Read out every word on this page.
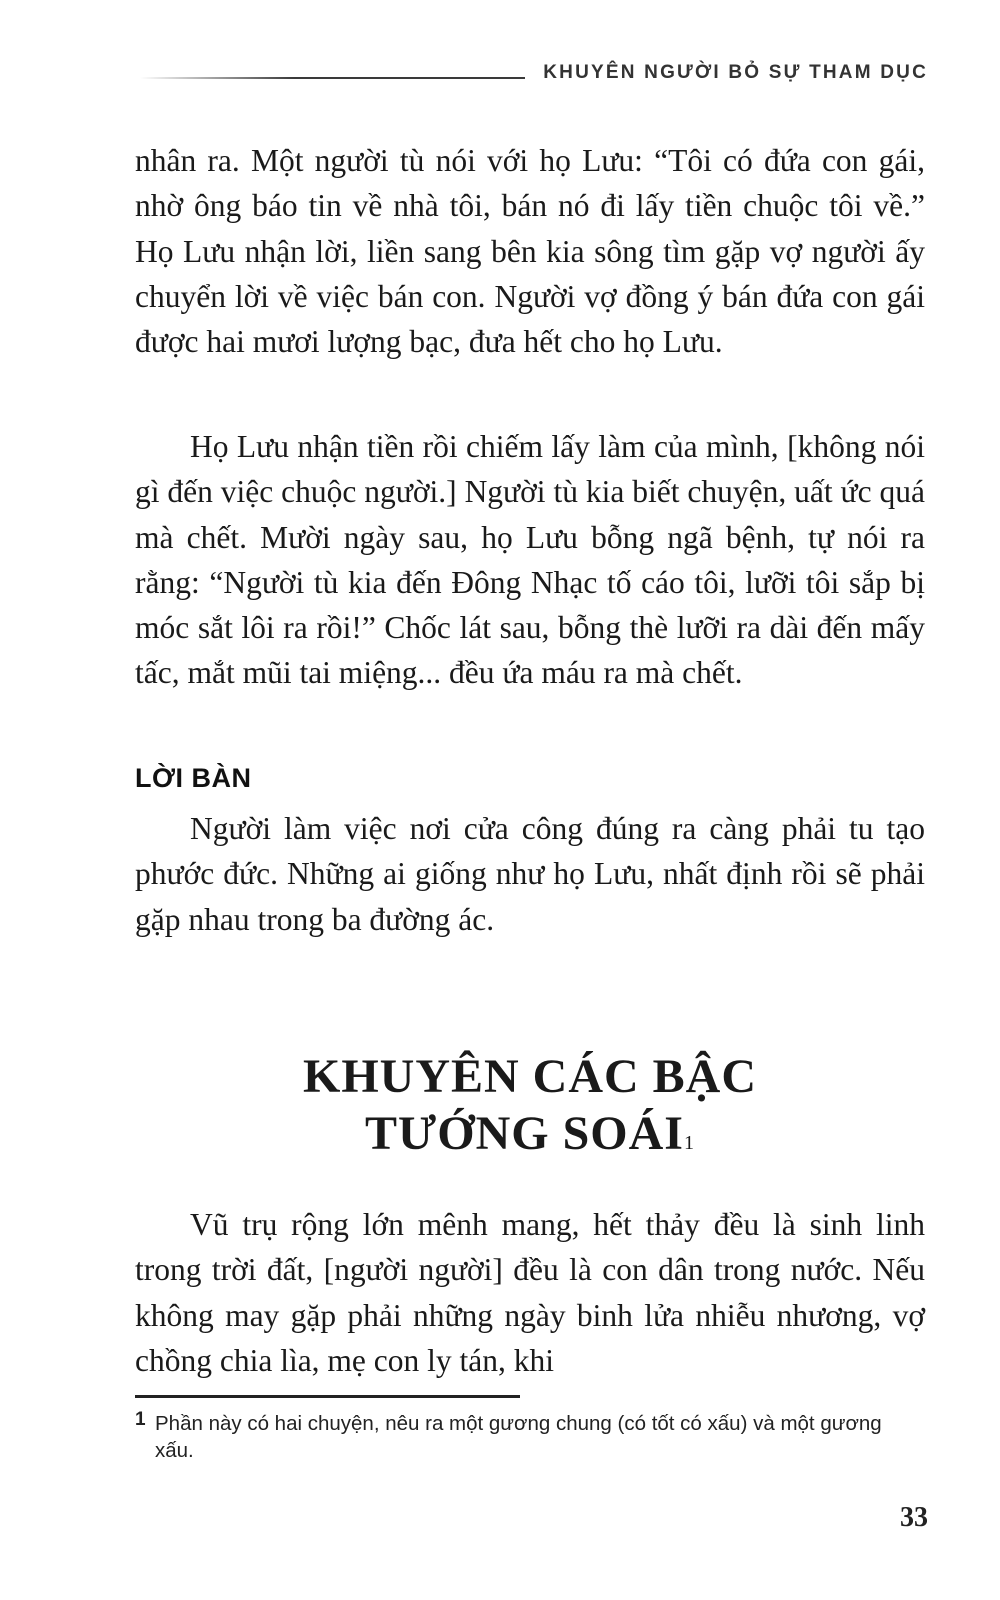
KHUYÊN NGƯỜI BỎ SỰ THAM DỤC

nhân ra. Một người tù nói với họ Lưu: “Tôi có đứa con gái, nhờ ông báo tin về nhà tôi, bán nó đi lấy tiền chuộc tôi về.” Họ Lưu nhận lời, liền sang bên kia sông tìm gặp vợ người ấy chuyển lời về việc bán con. Người vợ đồng ý bán đứa con gái được hai mươi lượng bạc, đưa hết cho họ Lưu.

Họ Lưu nhận tiền rồi chiếm lấy làm của mình, [không nói gì đến việc chuộc người.] Người tù kia biết chuyện, uất ức quá mà chết. Mười ngày sau, họ Lưu bỗng ngã bệnh, tự nói ra rằng: “Người tù kia đến Đông Nhạc tố cáo tôi, lưỡi tôi sắp bị móc sắt lôi ra rồi!” Chốc lát sau, bỗng thè lưỡi ra dài đến mấy tấc, mắt mũi tai miệng... đều ứa máu ra mà chết.

LỜI BÀN

Người làm việc nơi cửa công đúng ra càng phải tu tạo phước đức. Những ai giống như họ Lưu, nhất định rồi sẽ phải gặp nhau trong ba đường ác.

KHUYÊN CÁC BẬC
TƯỚNG SOÁI$^1$

Vũ trụ rộng lớn mênh mang, hết thảy đều là sinh linh trong trời đất, [người người] đều là con dân trong nước. Nếu không may gặp phải những ngày binh lửa nhiễu nhương, vợ chồng chia lìa, mẹ con ly tán, khi

1 Phần này có hai chuyện, nêu ra một gương chung (có tốt có xấu) và một gương xấu.
33
